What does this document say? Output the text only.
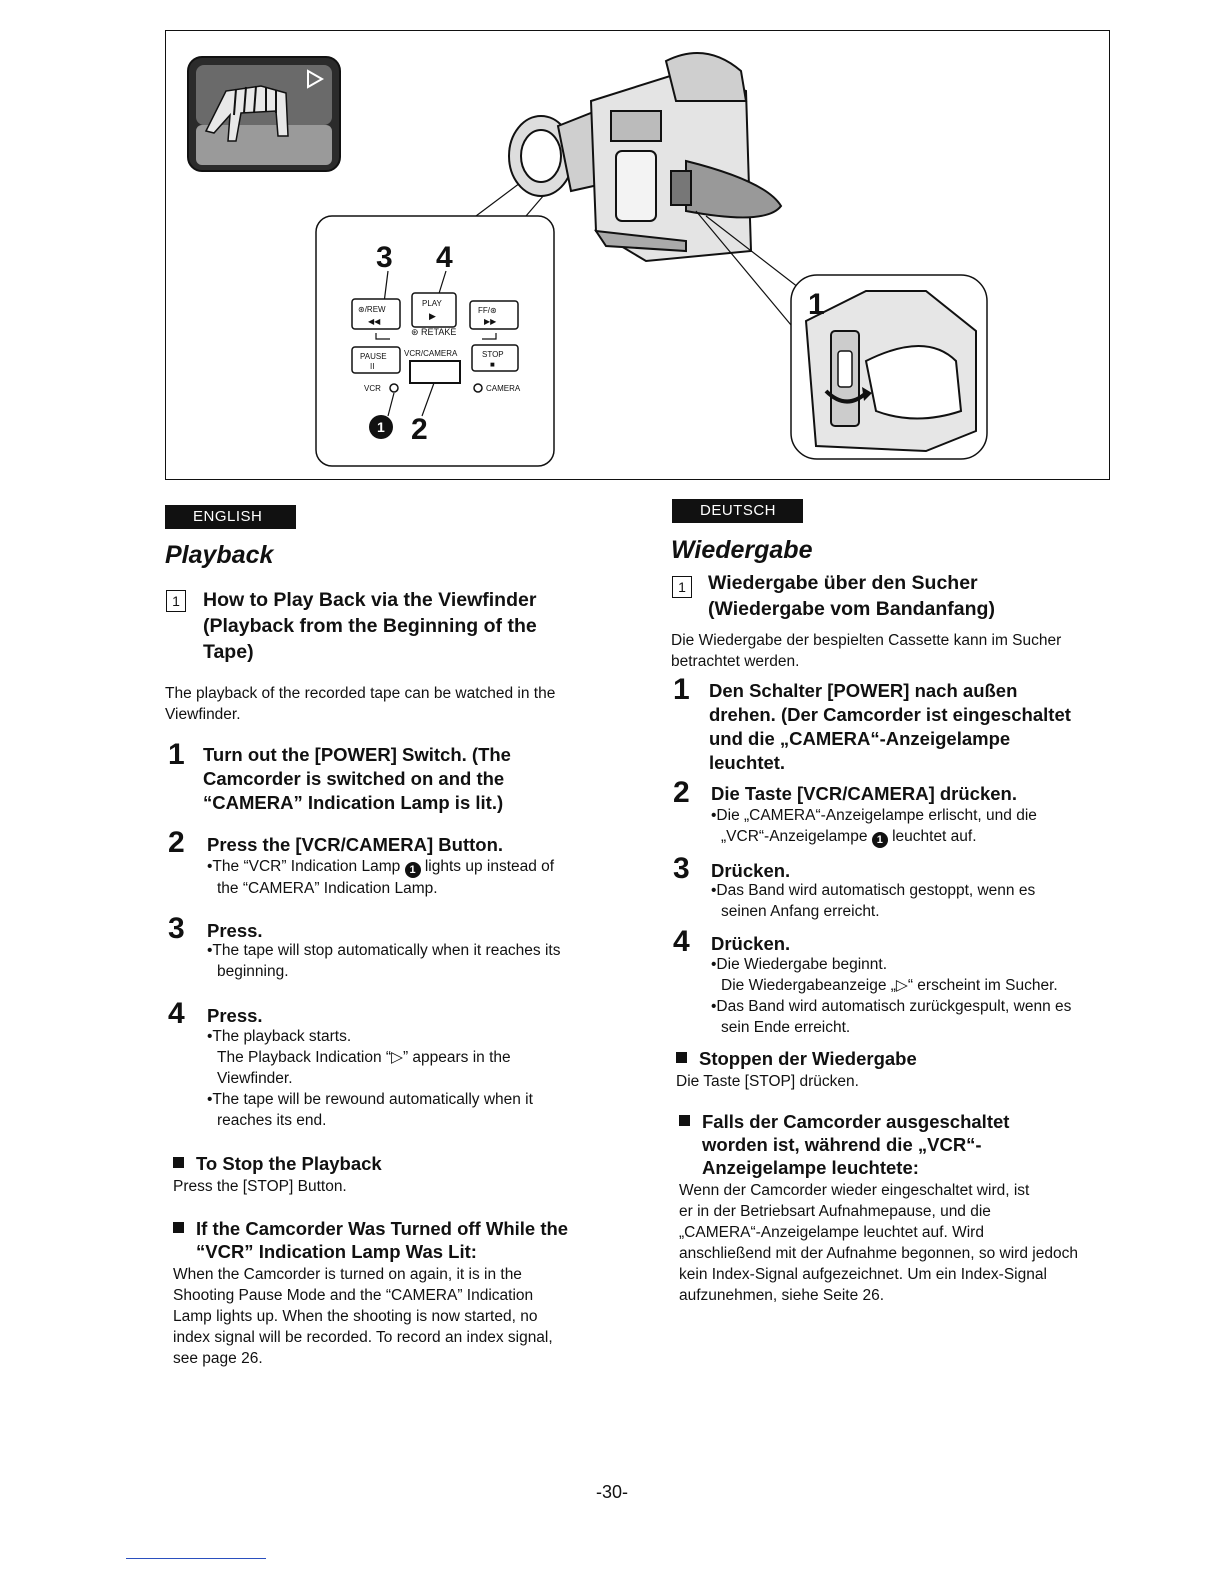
3 4
⊛/REW
◀◀
PLAY
▶
FF/⊛
▶▶
⊛ RETAKE
PAUSE
II
VCR/CAMERA	STOP
■
VCR	CAMERA
1 2
1
ENGLISH
Playback
1	How to Play Back via the Viewfinder
(Playback from the Beginning of the
Tape)
The playback of the recorded tape can be watched in the
Viewfinder.
1 Turn out the [POWER] Switch. (The
Camcorder is switched on and the
“CAMERA” Indication Lamp is lit.)
2 Press the [VCR/CAMERA] Button.
•The “VCR” Indication Lamp 1 lights up instead of
the “CAMERA” Indication Lamp.
3 Press.
•The tape will stop automatically when it reaches its
beginning.
4 Press.
•The playback starts.
The Playback Indication “▷” appears in the
Viewfinder.
•The tape will be rewound automatically when it
reaches its end.
To Stop the Playback
Press the [STOP] Button.
If the Camcorder Was Turned off While the
“VCR” Indication Lamp Was Lit:
When the Camcorder is turned on again, it is in the
Shooting Pause Mode and the “CAMERA” Indication
Lamp lights up. When the shooting is now started, no
index signal will be recorded. To record an index signal,
see page 26.
DEUTSCH
Wiedergabe
1	Wiedergabe über den Sucher
(Wiedergabe vom Bandanfang)
Die Wiedergabe der bespielten Cassette kann im Sucher
betrachtet werden.
1 Den Schalter [POWER] nach außen
drehen. (Der Camcorder ist eingeschaltet
und die „CAMERA“-Anzeigelampe
leuchtet.
2 Die Taste [VCR/CAMERA] drücken.
•Die „CAMERA“-Anzeigelampe erlischt, und die
„VCR“-Anzeigelampe 1 leuchtet auf.
3 Drücken.
•Das Band wird automatisch gestoppt, wenn es
seinen Anfang erreicht.
4 Drücken.
•Die Wiedergabe beginnt.
Die Wiedergabeanzeige „▷“ erscheint im Sucher.
•Das Band wird automatisch zurückgespult, wenn es
sein Ende erreicht.
Stoppen der Wiedergabe
Die Taste [STOP] drücken.
Falls der Camcorder ausgeschaltet
worden ist, während die „VCR“-
Anzeigelampe leuchtete:
Wenn der Camcorder wieder eingeschaltet wird, ist
er in der Betriebsart Aufnahmepause, und die
„CAMERA“-Anzeigelampe leuchtet auf. Wird
anschließend mit der Aufnahme begonnen, so wird jedoch
kein Index-Signal aufgezeichnet. Um ein Index-Signal
aufzunehmen, siehe Seite 26.
-30-
